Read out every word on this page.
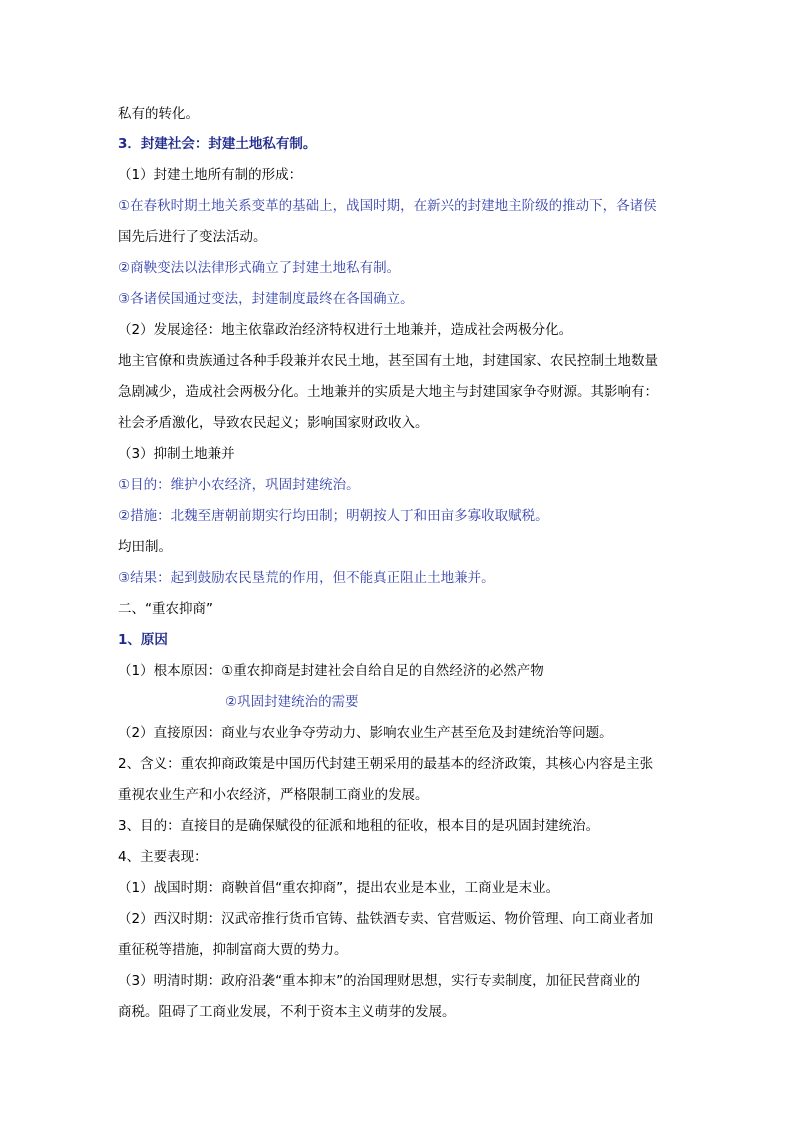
私有的转化。
3．封建社会：封建土地私有制。
（1）封建土地所有制的形成：
①在春秋时期土地关系变革的基础上，战国时期，在新兴的封建地主阶级的推动下，各诸侯
国先后进行了变法活动。
②商鞅变法以法律形式确立了封建土地私有制。
③各诸侯国通过变法，封建制度最终在各国确立。
（2）发展途径：地主依靠政治经济特权进行土地兼并，造成社会两极分化。
地主官僚和贵族通过各种手段兼并农民土地，甚至国有土地，封建国家、农民控制土地数量
急剧减少，造成社会两极分化。土地兼并的实质是大地主与封建国家争夺财源。其影响有：
社会矛盾激化，导致农民起义；影响国家财政收入。
（3）抑制土地兼并
①目的：维护小农经济，巩固封建统治。
②措施：北魏至唐朝前期实行均田制；明朝按人丁和田亩多寡收取赋税。
均田制。
③结果：起到鼓励农民垦荒的作用，但不能真正阻止土地兼并。
二、“重农抑商”
1、原因
（1）根本原因：①重农抑商是封建社会自给自足的自然经济的必然产物
②巩固封建统治的需要
（2）直接原因：商业与农业争夺劳动力、影响农业生产甚至危及封建统治等问题。
2、含义：重农抑商政策是中国历代封建王朝采用的最基本的经济政策，其核心内容是主张
重视农业生产和小农经济，严格限制工商业的发展。
3、目的：直接目的是确保赋役的征派和地租的征收，根本目的是巩固封建统治。
4、主要表现：
（1）战国时期：商鞅首倡“重农抑商”，提出农业是本业，工商业是末业。
（2）西汉时期：汉武帝推行货币官铸、盐铁酒专卖、官营贩运、物价管理、向工商业者加
重征税等措施，抑制富商大贾的势力。
（3）明清时期：政府沿袭“重本抑末”的治国理财思想，实行专卖制度，加征民营商业的
商税。阻碍了工商业发展，不利于资本主义萌芽的发展。
